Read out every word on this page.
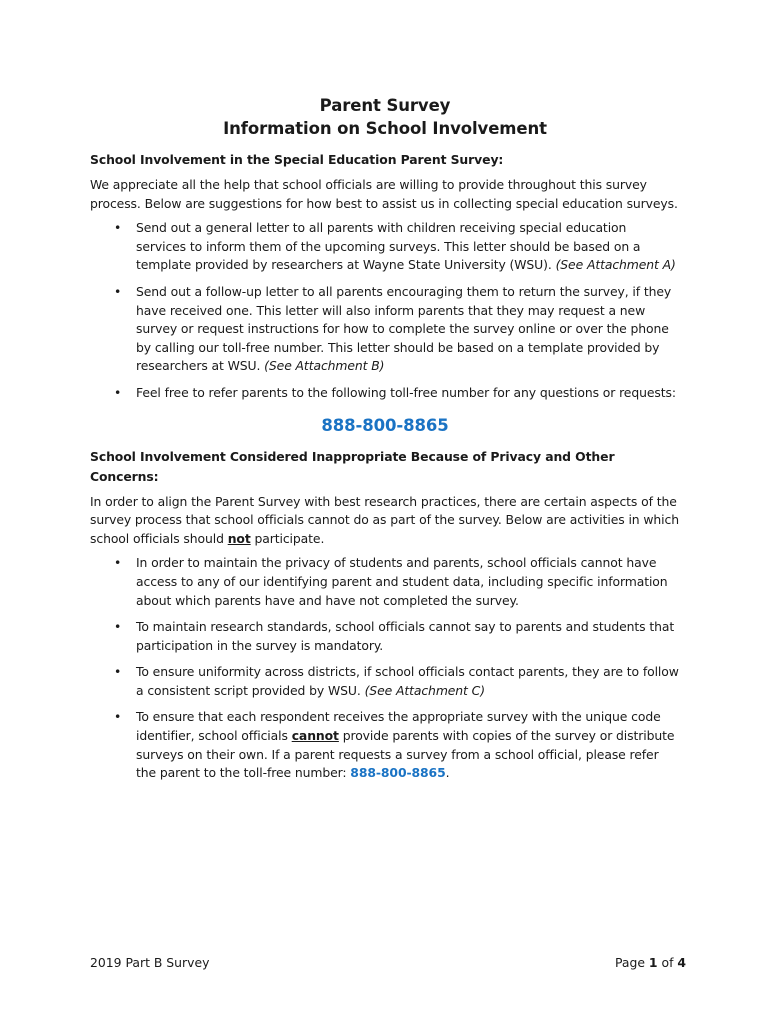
Parent Survey
Information on School Involvement
School Involvement in the Special Education Parent Survey:

We appreciate all the help that school officials are willing to provide throughout this survey process. Below are suggestions for how best to assist us in collecting special education surveys.

• Send out a general letter to all parents with children receiving special education services to inform them of the upcoming surveys. This letter should be based on a template provided by researchers at Wayne State University (WSU). (See Attachment A)
• Send out a follow-up letter to all parents encouraging them to return the survey, if they have received one. This letter will also inform parents that they may request a new survey or request instructions for how to complete the survey online or over the phone by calling our toll-free number. This letter should be based on a template provided by researchers at WSU. (See Attachment B)
• Feel free to refer parents to the following toll-free number for any questions or requests:
888-800-8865
School Involvement Considered Inappropriate Because of Privacy and Other Concerns:

In order to align the Parent Survey with best research practices, there are certain aspects of the survey process that school officials cannot do as part of the survey. Below are activities in which school officials should not participate.

• In order to maintain the privacy of students and parents, school officials cannot have access to any of our identifying parent and student data, including specific information about which parents have and have not completed the survey.
• To maintain research standards, school officials cannot say to parents and students that participation in the survey is mandatory.
• To ensure uniformity across districts, if school officials contact parents, they are to follow a consistent script provided by WSU. (See Attachment C)
• To ensure that each respondent receives the appropriate survey with the unique code identifier, school officials cannot provide parents with copies of the survey or distribute surveys on their own. If a parent requests a survey from a school official, please refer the parent to the toll-free number: 888-800-8865.
2019 Part B Survey	Page 1 of 4
